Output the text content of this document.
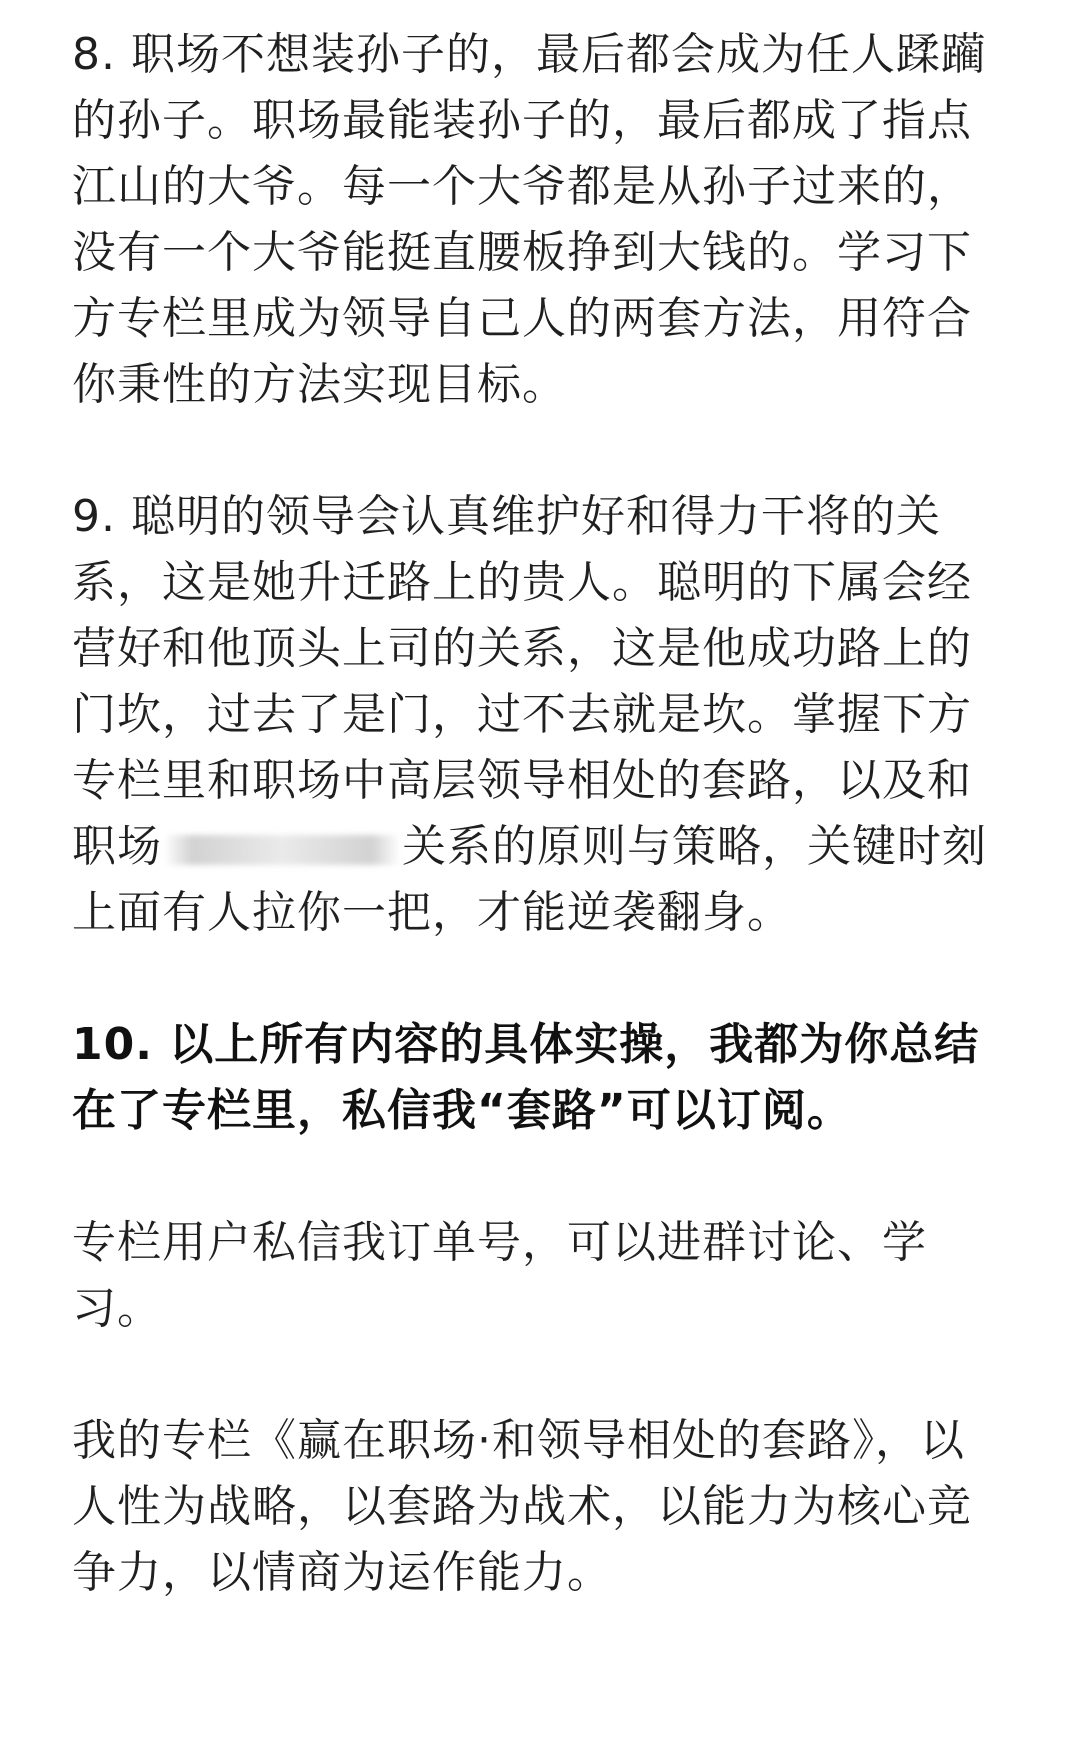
8. 职场不想装孙子的，最后都会成为任人蹂躏的孙子。职场最能装孙子的，最后都成了指点江山的大爷。每一个大爷都是从孙子过来的，没有一个大爷能挺直腰板挣到大钱的。学习下方专栏里成为领导自己人的两套方法，用符合你秉性的方法实现目标。

9. 聪明的领导会认真维护好和得力干将的关系，这是她升迁路上的贵人。聪明的下属会经营好和他顶头上司的关系，这是他成功路上的门坎，过去了是门，过不去就是坎。掌握下方专栏里和职场中高层领导相处的套路，以及和职场	关系的原则与策略，关键时刻上面有人拉你一把，才能逆袭翻身。

10. 以上所有内容的具体实操，我都为你总结在了专栏里，私信我“套路”可以订阅。

专栏用户私信我订单号，可以进群讨论、学习。

我的专栏《赢在职场·和领导相处的套路》，以人性为战略，以套路为战术，以能力为核心竞争力，以情商为运作能力。
